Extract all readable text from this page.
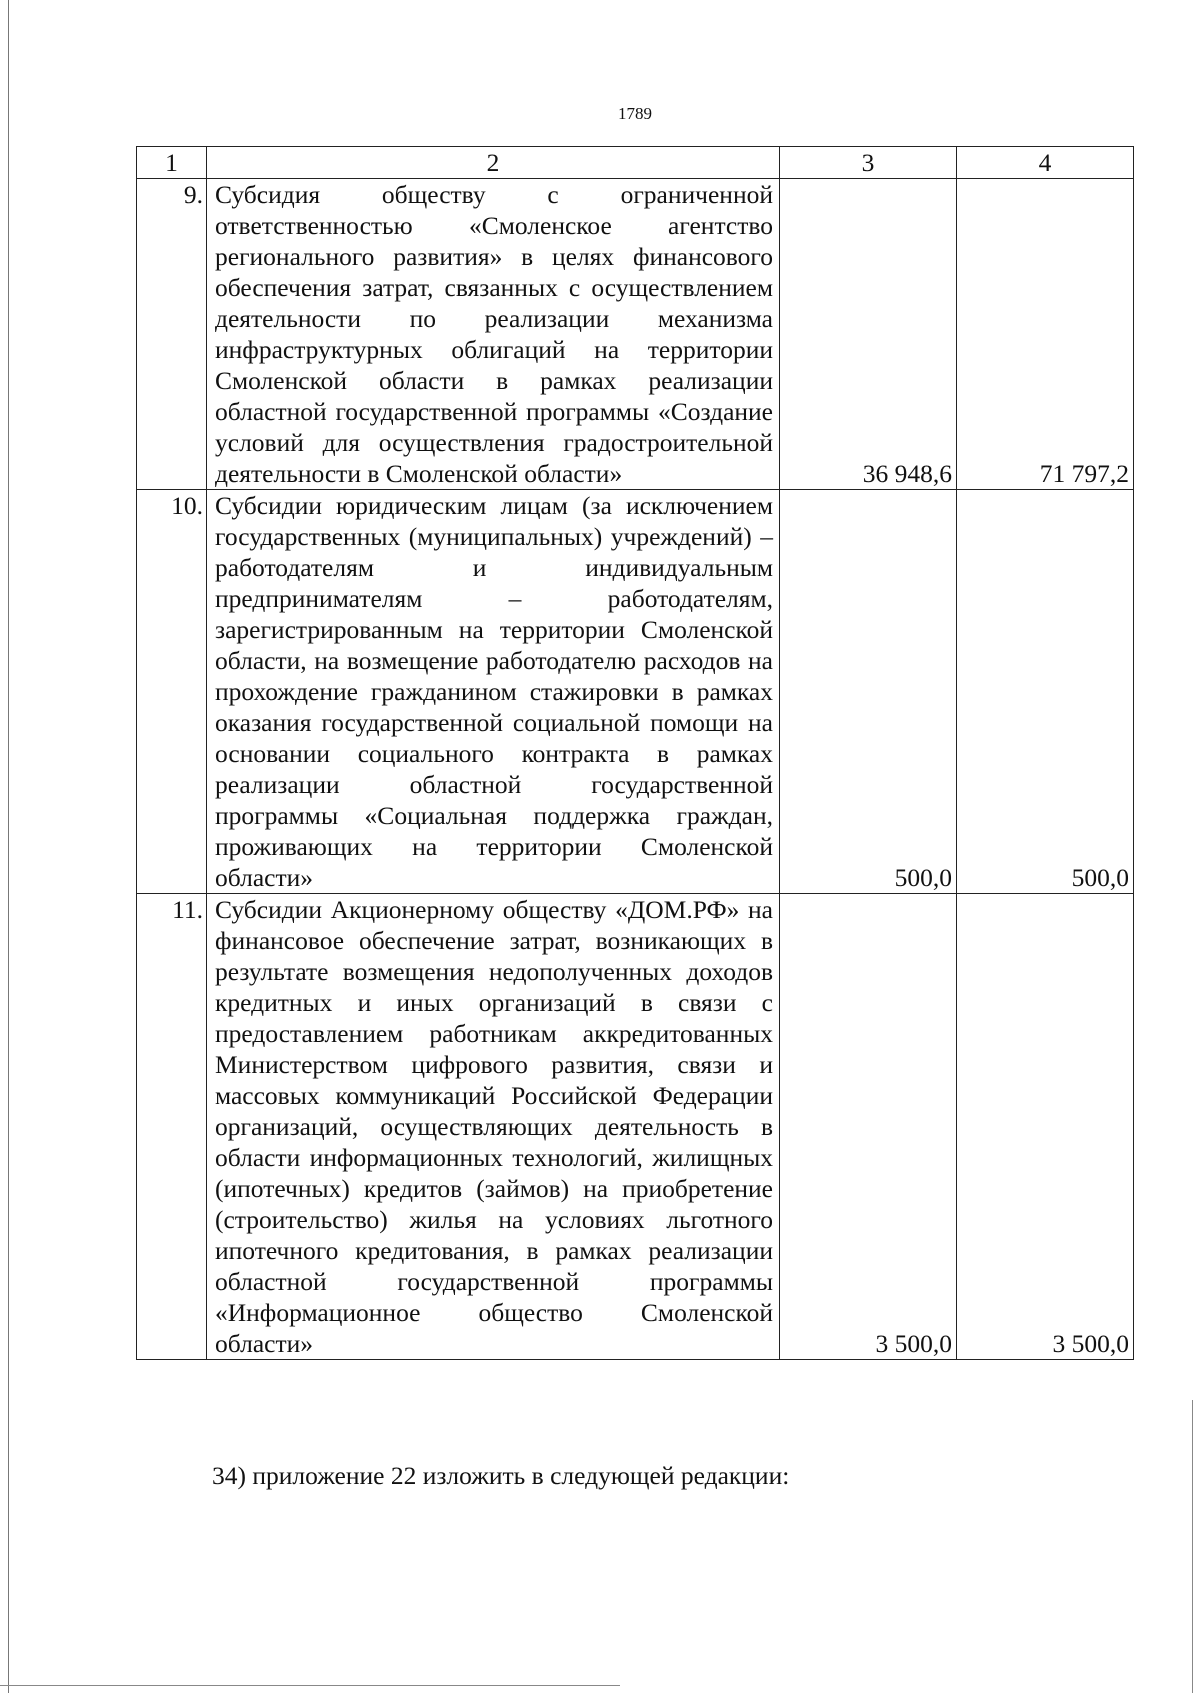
1789
1	2	3	4
9.	Субсидия обществу с ограниченной ответственностью «Смоленское агентство регионального развития» в целях финансового обеспечения затрат, связанных с осуществлением деятельности по реализации механизма инфраструктурных облигаций на территории Смоленской области в рамках реализации областной государственной программы «Создание условий для осуществления градостроительной деятельности в Смоленской области»	36 948,6	71 797,2
10.	Субсидии юридическим лицам (за исключением государственных (муниципальных) учреждений) – работодателям и индивидуальным предпринимателям – работодателям, зарегистрированным на территории Смоленской области, на возмещение работодателю расходов на прохождение гражданином стажировки в рамках оказания государственной социальной помощи на основании социального контракта в рамках реализации областной государственной программы «Социальная поддержка граждан, проживающих на территории Смоленской области»	500,0	500,0
11.	Субсидии Акционерному обществу «ДОМ.РФ» на финансовое обеспечение затрат, возникающих в результате возмещения недополученных доходов кредитных и иных организаций в связи с предоставлением работникам аккредитованных Министерством цифрового развития, связи и массовых коммуникаций Российской Федерации организаций, осуществляющих деятельность в области информационных технологий, жилищных (ипотечных) кредитов (займов) на приобретение (строительство) жилья на условиях льготного ипотечного кредитования, в рамках реализации областной государственной программы «Информационное общество Смоленской области»	3 500,0	3 500,0
34) приложение 22 изложить в следующей редакции:
